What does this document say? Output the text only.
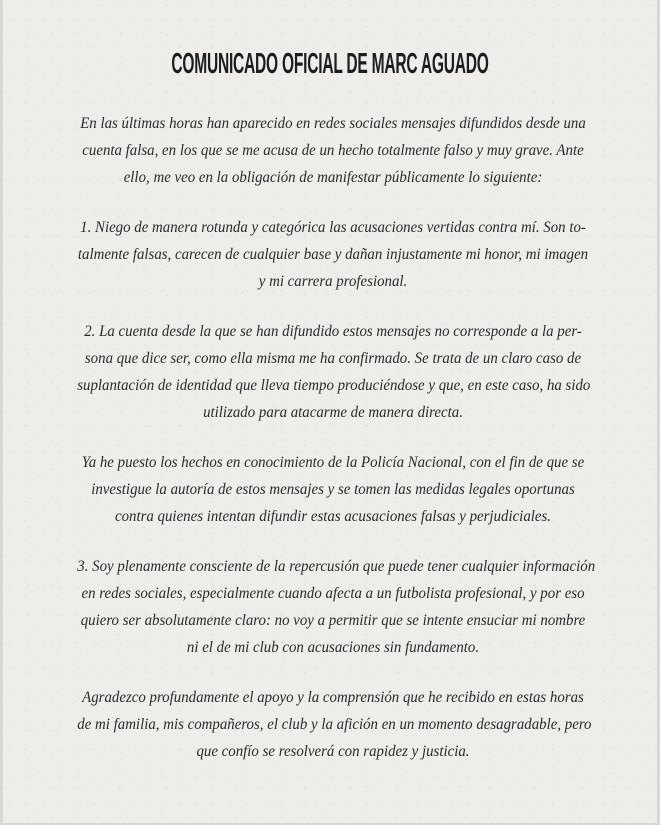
COMUNICADO OFICIAL DE MARC AGUADO

En las últimas horas han aparecido en redes sociales mensajes difundidos desde una
cuenta falsa, en los que se me acusa de un hecho totalmente falso y muy grave. Ante
ello, me veo en la obligación de manifestar públicamente lo siguiente:

1. Niego de manera rotunda y categórica las acusaciones vertidas contra mí. Son to-
talmente falsas, carecen de cualquier base y dañan injustamente mi honor, mi imagen
y mi carrera profesional.

2. La cuenta desde la que se han difundido estos mensajes no corresponde a la per-
sona que dice ser, como ella misma me ha confirmado. Se trata de un claro caso de
suplantación de identidad que lleva tiempo produciéndose y que, en este caso, ha sido
utilizado para atacarme de manera directa.

Ya he puesto los hechos en conocimiento de la Policía Nacional, con el fin de que se
investigue la autoría de estos mensajes y se tomen las medidas legales oportunas
contra quienes intentan difundir estas acusaciones falsas y perjudiciales.

3. Soy plenamente consciente de la repercusión que puede tener cualquier información
en redes sociales, especialmente cuando afecta a un futbolista profesional, y por eso
quiero ser absolutamente claro: no voy a permitir que se intente ensuciar mi nombre
ni el de mi club con acusaciones sin fundamento.

Agradezco profundamente el apoyo y la comprensión que he recibido en estas horas
de mi familia, mis compañeros, el club y la afición en un momento desagradable, pero
que confío se resolverá con rapidez y justicia.
